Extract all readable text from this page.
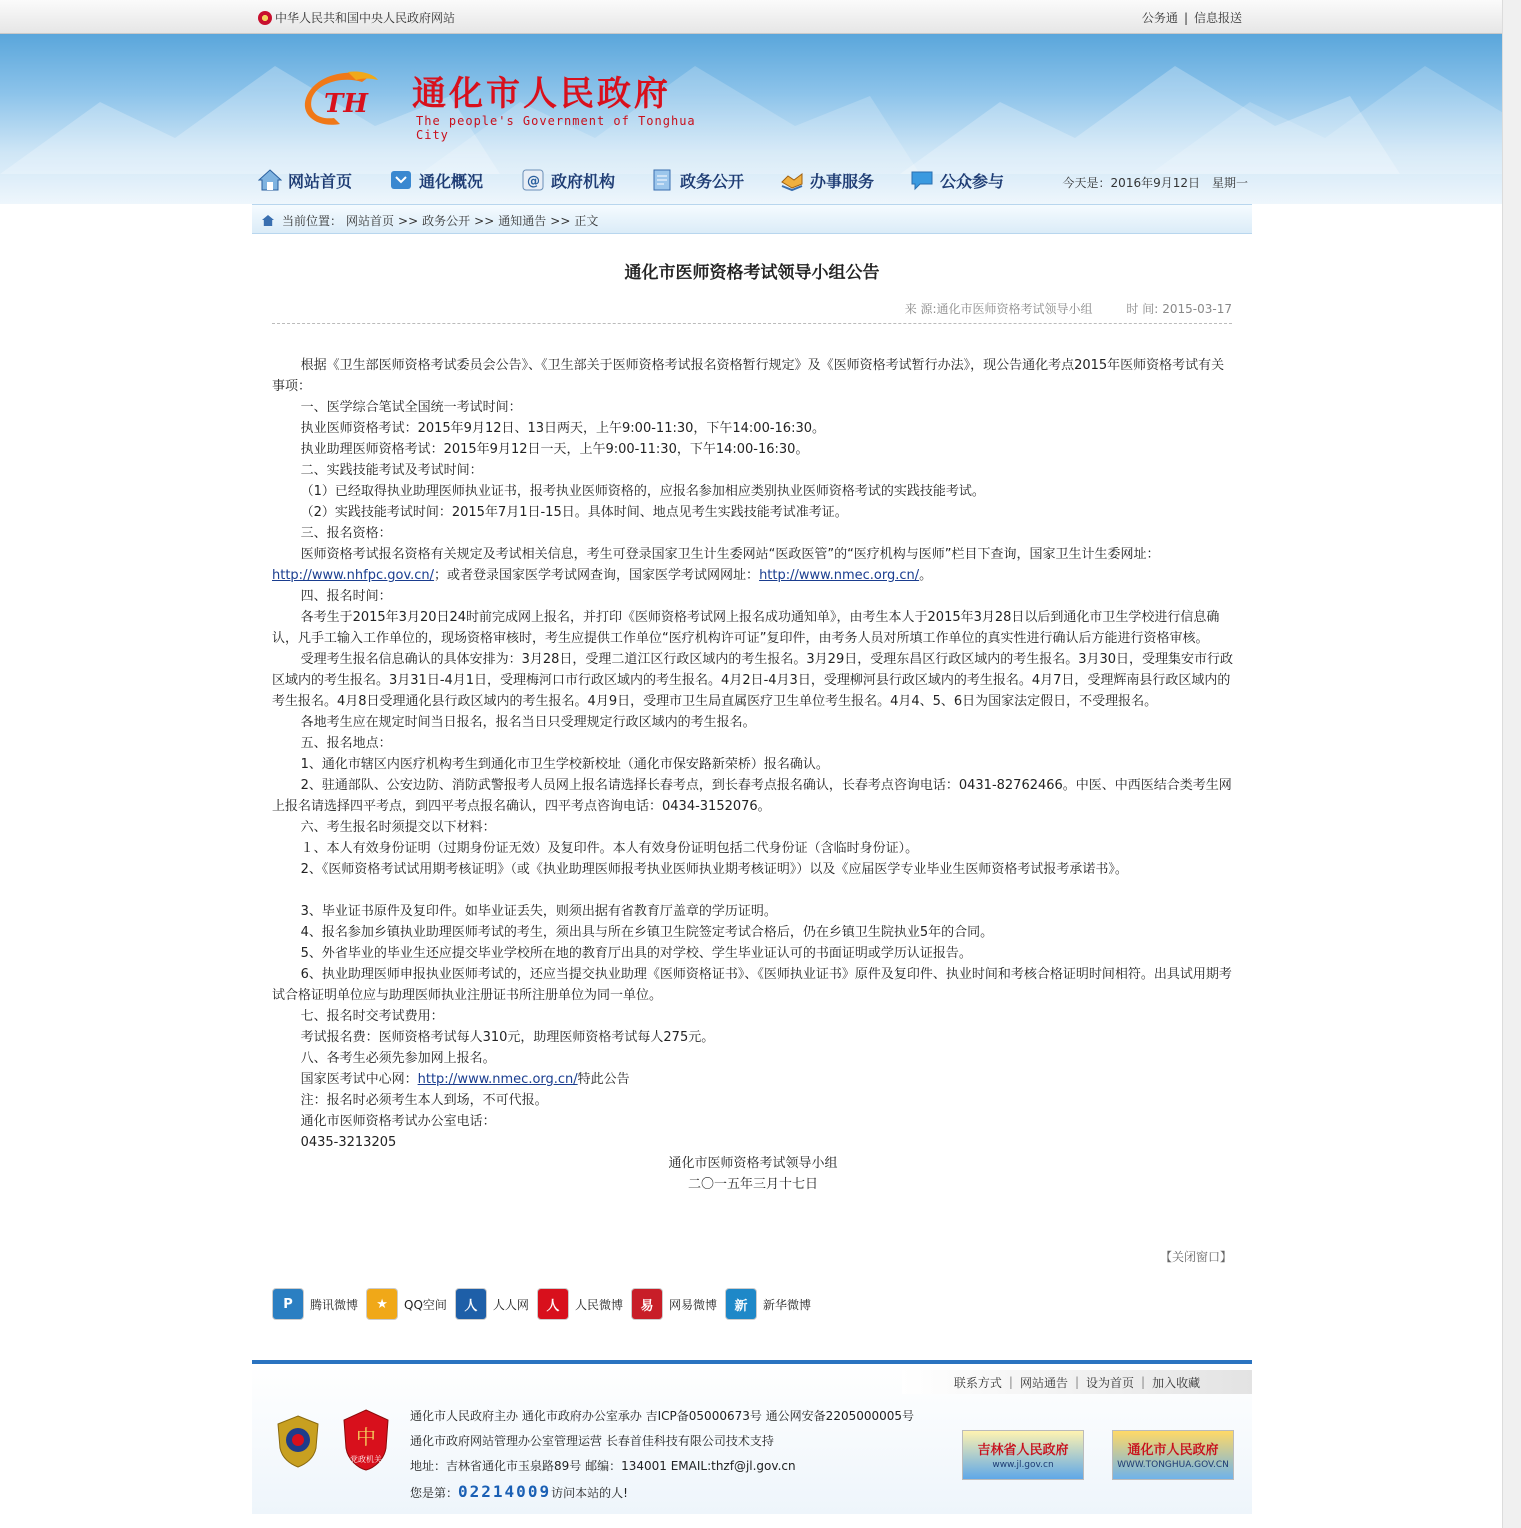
中华人民共和国中央人民政府网站	公务通 | 信息报送
TH 通化市人民政府
The people's Government of Tonghua City
网站首页	通化概况	@ 政府机构	政务公开	办事服务	公众参与	今天是：2016年9月12日　星期一
当前位置： 网站首页 >> 政务公开 >> 通知通告 >> 正文
通化市医师资格考试领导小组公告
来 源:通化市医师资格考试领导小组	时 间: 2015-03-17

根据《卫生部医师资格考试委员会公告》、《卫生部关于医师资格考试报名资格暂行规定》及《医师资格考试暂行办法》，现公告通化考点2015年医师资格考试有关事项：

一、医学综合笔试全国统一考试时间：

执业医师资格考试：2015年9月12日、13日两天，上午9:00-11:30，下午14:00-16:30。

执业助理医师资格考试：2015年9月12日一天，上午9:00-11:30，下午14:00-16:30。

二、实践技能考试及考试时间：

（1）已经取得执业助理医师执业证书，报考执业医师资格的，应报名参加相应类别执业医师资格考试的实践技能考试。

（2）实践技能考试时间：2015年7月1日-15日。具体时间、地点见考生实践技能考试准考证。

三、报名资格：

医师资格考试报名资格有关规定及考试相关信息，考生可登录国家卫生计生委网站“医政医管”的“医疗机构与医师”栏目下查询，国家卫生计生委网址：http://www.nhfpc.gov.cn/；或者登录国家医学考试网查询，国家医学考试网网址：http://www.nmec.org.cn/。

四、报名时间：

各考生于2015年3月20日24时前完成网上报名，并打印《医师资格考试网上报名成功通知单》，由考生本人于2015年3月28日以后到通化市卫生学校进行信息确认，凡手工输入工作单位的，现场资格审核时，考生应提供工作单位“医疗机构许可证”复印件，由考务人员对所填工作单位的真实性进行确认后方能进行资格审核。

受理考生报名信息确认的具体安排为：3月28日，受理二道江区行政区域内的考生报名。3月29日，受理东昌区行政区域内的考生报名。3月30日，受理集安市行政区域内的考生报名。3月31日-4月1日，受理梅河口市行政区域内的考生报名。4月2日-4月3日，受理柳河县行政区域内的考生报名。4月7日，受理辉南县行政区域内的考生报名。4月8日受理通化县行政区域内的考生报名。4月9日，受理市卫生局直属医疗卫生单位考生报名。4月4、5、6日为国家法定假日，不受理报名。

各地考生应在规定时间当日报名，报名当日只受理规定行政区域内的考生报名。

五、报名地点：

1、通化市辖区内医疗机构考生到通化市卫生学校新校址（通化市保安路新荣桥）报名确认。

2、驻通部队、公安边防、消防武警报考人员网上报名请选择长春考点，到长春考点报名确认，长春考点咨询电话：0431-82762466。中医、中西医结合类考生网上报名请选择四平考点，到四平考点报名确认，四平考点咨询电话：0434-3152076。

六、考生报名时须提交以下材料：

１、本人有效身份证明（过期身份证无效）及复印件。本人有效身份证明包括二代身份证（含临时身份证）。

2、《医师资格考试试用期考核证明》（或《执业助理医师报考执业医师执业期考核证明》）以及《应届医学专业毕业生医师资格考试报考承诺书》。

3、毕业证书原件及复印件。如毕业证丢失，则须出据有省教育厅盖章的学历证明。

4、报名参加乡镇执业助理医师考试的考生，须出具与所在乡镇卫生院签定考试合格后，仍在乡镇卫生院执业5年的合同。

5、外省毕业的毕业生还应提交毕业学校所在地的教育厅出具的对学校、学生毕业证认可的书面证明或学历认证报告。

6、执业助理医师申报执业医师考试的，还应当提交执业助理《医师资格证书》、《医师执业证书》原件及复印件、执业时间和考核合格证明时间相符。出具试用期考试合格证明单位应与助理医师执业注册证书所注册单位为同一单位。

七、报名时交考试费用：

考试报名费：医师资格考试每人310元，助理医师资格考试每人275元。

八、各考生必须先参加网上报名。

国家医考试中心网：http://www.nmec.org.cn/特此公告

注：报名时必须考生本人到场，不可代报。

通化市医师资格考试办公室电话：

0435-3213205

通化市医师资格考试领导小组

二〇一五年三月十七日

【关闭窗口】
P	腾讯微博	★	QQ空间	人	人人网	人	人民微博	易	网易微博	新	新华微博
联系方式 | 网站通告 | 设为首页 | 加入收藏
中
党政机关
通化市人民政府主办 通化市政府办公室承办 吉ICP备05000673号 通公网安备2205000005号
通化市政府网站管理办公室管理运营 长春首佳科技有限公司技术支持
地址：吉林省通化市玉泉路89号 邮编：134001 EMAIL:thzf@jl.gov.cn
您是第：02214009访问本站的人!
吉林省人民政府
www.jl.gov.cn
通化市人民政府
WWW.TONGHUA.GOV.CN
